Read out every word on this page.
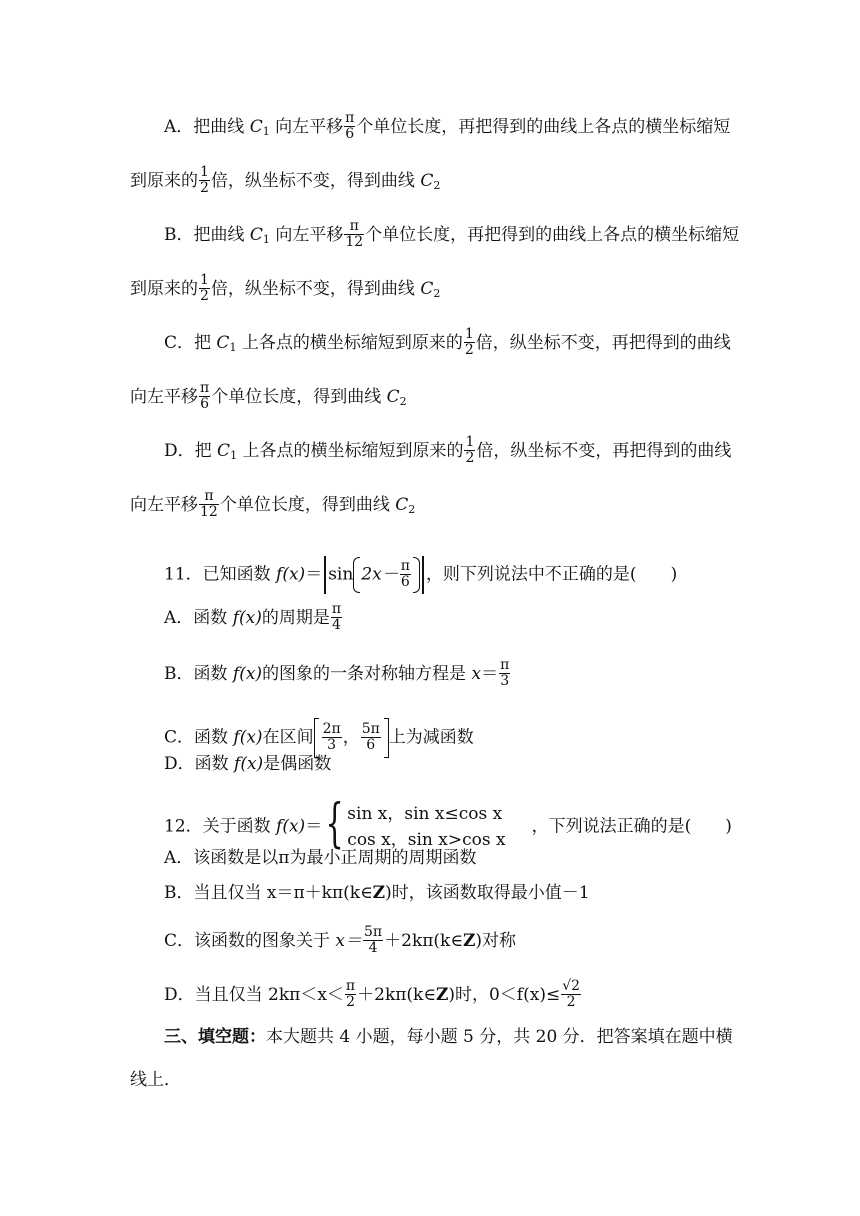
A．把曲线 $C_1$ 向左平移 $\frac{\pi}{6}$ 个单位长度，再把得到的曲线上各点的横坐标缩短
到原来的 $\frac{1}{2}$ 倍，纵坐标不变，得到曲线 $C_2$
B．把曲线 $C_1$ 向左平移 $\frac{\pi}{12}$ 个单位长度，再把得到的曲线上各点的横坐标缩短
到原来的 $\frac{1}{2}$ 倍，纵坐标不变，得到曲线 $C_2$
C．把 $C_1$ 上各点的横坐标缩短到原来的 $\frac{1}{2}$ 倍，纵坐标不变，再把得到的曲线
向左平移 $\frac{\pi}{6}$ 个单位长度，得到曲线 $C_2$
D．把 $C_1$ 上各点的横坐标缩短到原来的 $\frac{1}{2}$ 倍，纵坐标不变，再把得到的曲线
向左平移 $\frac{\pi}{12}$ 个单位长度，得到曲线 $C_2$
11．已知函数 $f(x)= \sin 2x- \frac{\pi}{6}$ ，则下列说法中不正确的是(　　)
A．函数 f(x)的周期是 $\frac{\pi}{4}$
B．函数 f(x)的图象的一条对称轴方程是 $x= \frac{\pi}{3}$
C．函数 f(x)在区间 $\frac{2\pi}{3}$ ， $\frac{5\pi}{6}$ 上为减函数
D．函数 f(x)是偶函数
12．关于函数 f(x)＝{ sin x，sin x≤cos x
cos x，sin x>cos x
，下列说法正确的是(　　)
A．该函数是以π为最小正周期的周期函数
B．当且仅当 x＝π＋kπ(k∈Z)时，该函数取得最小值－1
C．该函数的图象关于 $x= \frac{5\pi}{4}$ ＋2kπ(k∈Z)对称
D．当且仅当 $2k\pi<x< \frac{\pi}{2}$ ＋2kπ(k∈Z)时，$0<f(x)\le \frac{√2}{2}$
三、填空题：本大题共 4 小题，每小题 5 分，共 20 分．把答案填在题中横
线上．
